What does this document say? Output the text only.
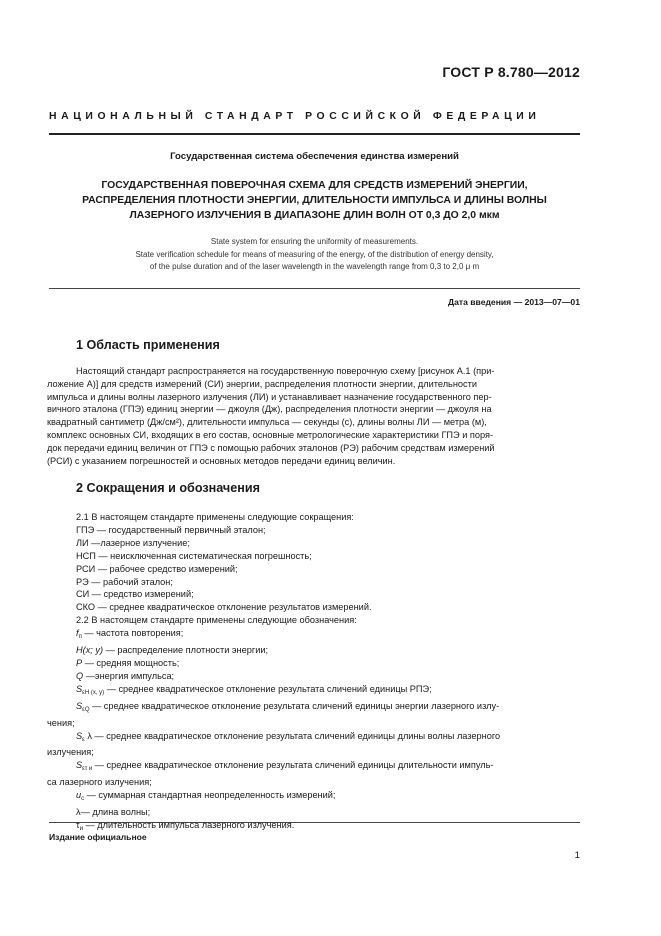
ГОСТ Р 8.780—2012
НАЦИОНАЛЬНЫЙ СТАНДАРТ РОССИЙСКОЙ ФЕДЕРАЦИИ
Государственная система обеспечения единства измерений
ГОСУДАРСТВЕННАЯ ПОВЕРОЧНАЯ СХЕМА ДЛЯ СРЕДСТВ ИЗМЕРЕНИЙ ЭНЕРГИИ,
РАСПРЕДЕЛЕНИЯ ПЛОТНОСТИ ЭНЕРГИИ, ДЛИТЕЛЬНОСТИ ИМПУЛЬСА И ДЛИНЫ ВОЛНЫ
ЛАЗЕРНОГО ИЗЛУЧЕНИЯ В ДИАПАЗОНЕ ДЛИН ВОЛН ОТ 0,3 ДО 2,0 мкм
State system for ensuring the uniformity of measurements.
State verification schedule for means of measuring of the energy, of the distribution of energy density,
of the pulse duration and of the laser wavelength in the wavelength range from 0,3 to 2,0 μ m
Дата введения — 2013—07—01
1 Область применения
Настоящий стандарт распространяется на государственную поверочную схему [рисунок А.1 (при-
ложение А)] для средств измерений (СИ) энергии, распределения плотности энергии, длительности
импульса и длины волны лазерного излучения (ЛИ) и устанавливает назначение государственного пер-
вичного эталона (ГПЭ) единиц энергии — джоуля (Дж), распределения плотности энергии — джоуля на
квадратный сантиметр (Дж/см²), длительности импульса — секунды (с), длины волны ЛИ — метра (м),
комплекс основных СИ, входящих в его состав, основные метрологические характеристики ГПЭ и поря-
док передачи единиц величин от ГПЭ с помощью рабочих эталонов (РЭ) рабочим средствам измерений
(РСИ) с указанием погрешностей и основных методов передачи единиц величин.
2 Сокращения и обозначения
2.1 В настоящем стандарте применены следующие сокращения:
ГПЭ — государственный первичный эталон;
ЛИ —лазерное излучение;
НСП — неисключенная систематическая погрешность;
РСИ — рабочее средство измерений;
РЭ — рабочий эталон;
СИ — средство измерений;
СКО — среднее квадратическое отклонение результатов измерений.
2.2 В настоящем стандарте применены следующие обозначения:
$f_п$ — частота повторения;
H(x; y) — распределение плотности энергии;
P — средняя мощность;
Q —энергия импульса;
$S_{\varepsilon H (x, y)}$ — среднее квадратическое отклонение результата сличений единицы РПЭ;
$S_{\varepsilon Q}$ — среднее квадратическое отклонение результата сличений единицы энергии лазерного излу-
чения;
$S_\varepsilon$ λ — среднее квадратическое отклонение результата сличений единицы длины волны лазерного
излучения;
$S_{\varepsilon\tau и}$ — среднее квадратическое отклонение результата сличений единицы длительности импуль-
са лазерного излучения;
$u_c$ — суммарная стандартная неопределенность измерений;
λ— длина волны;
$\tau_и$ — длительность импульса лазерного излучения.
Издание официальное
1
